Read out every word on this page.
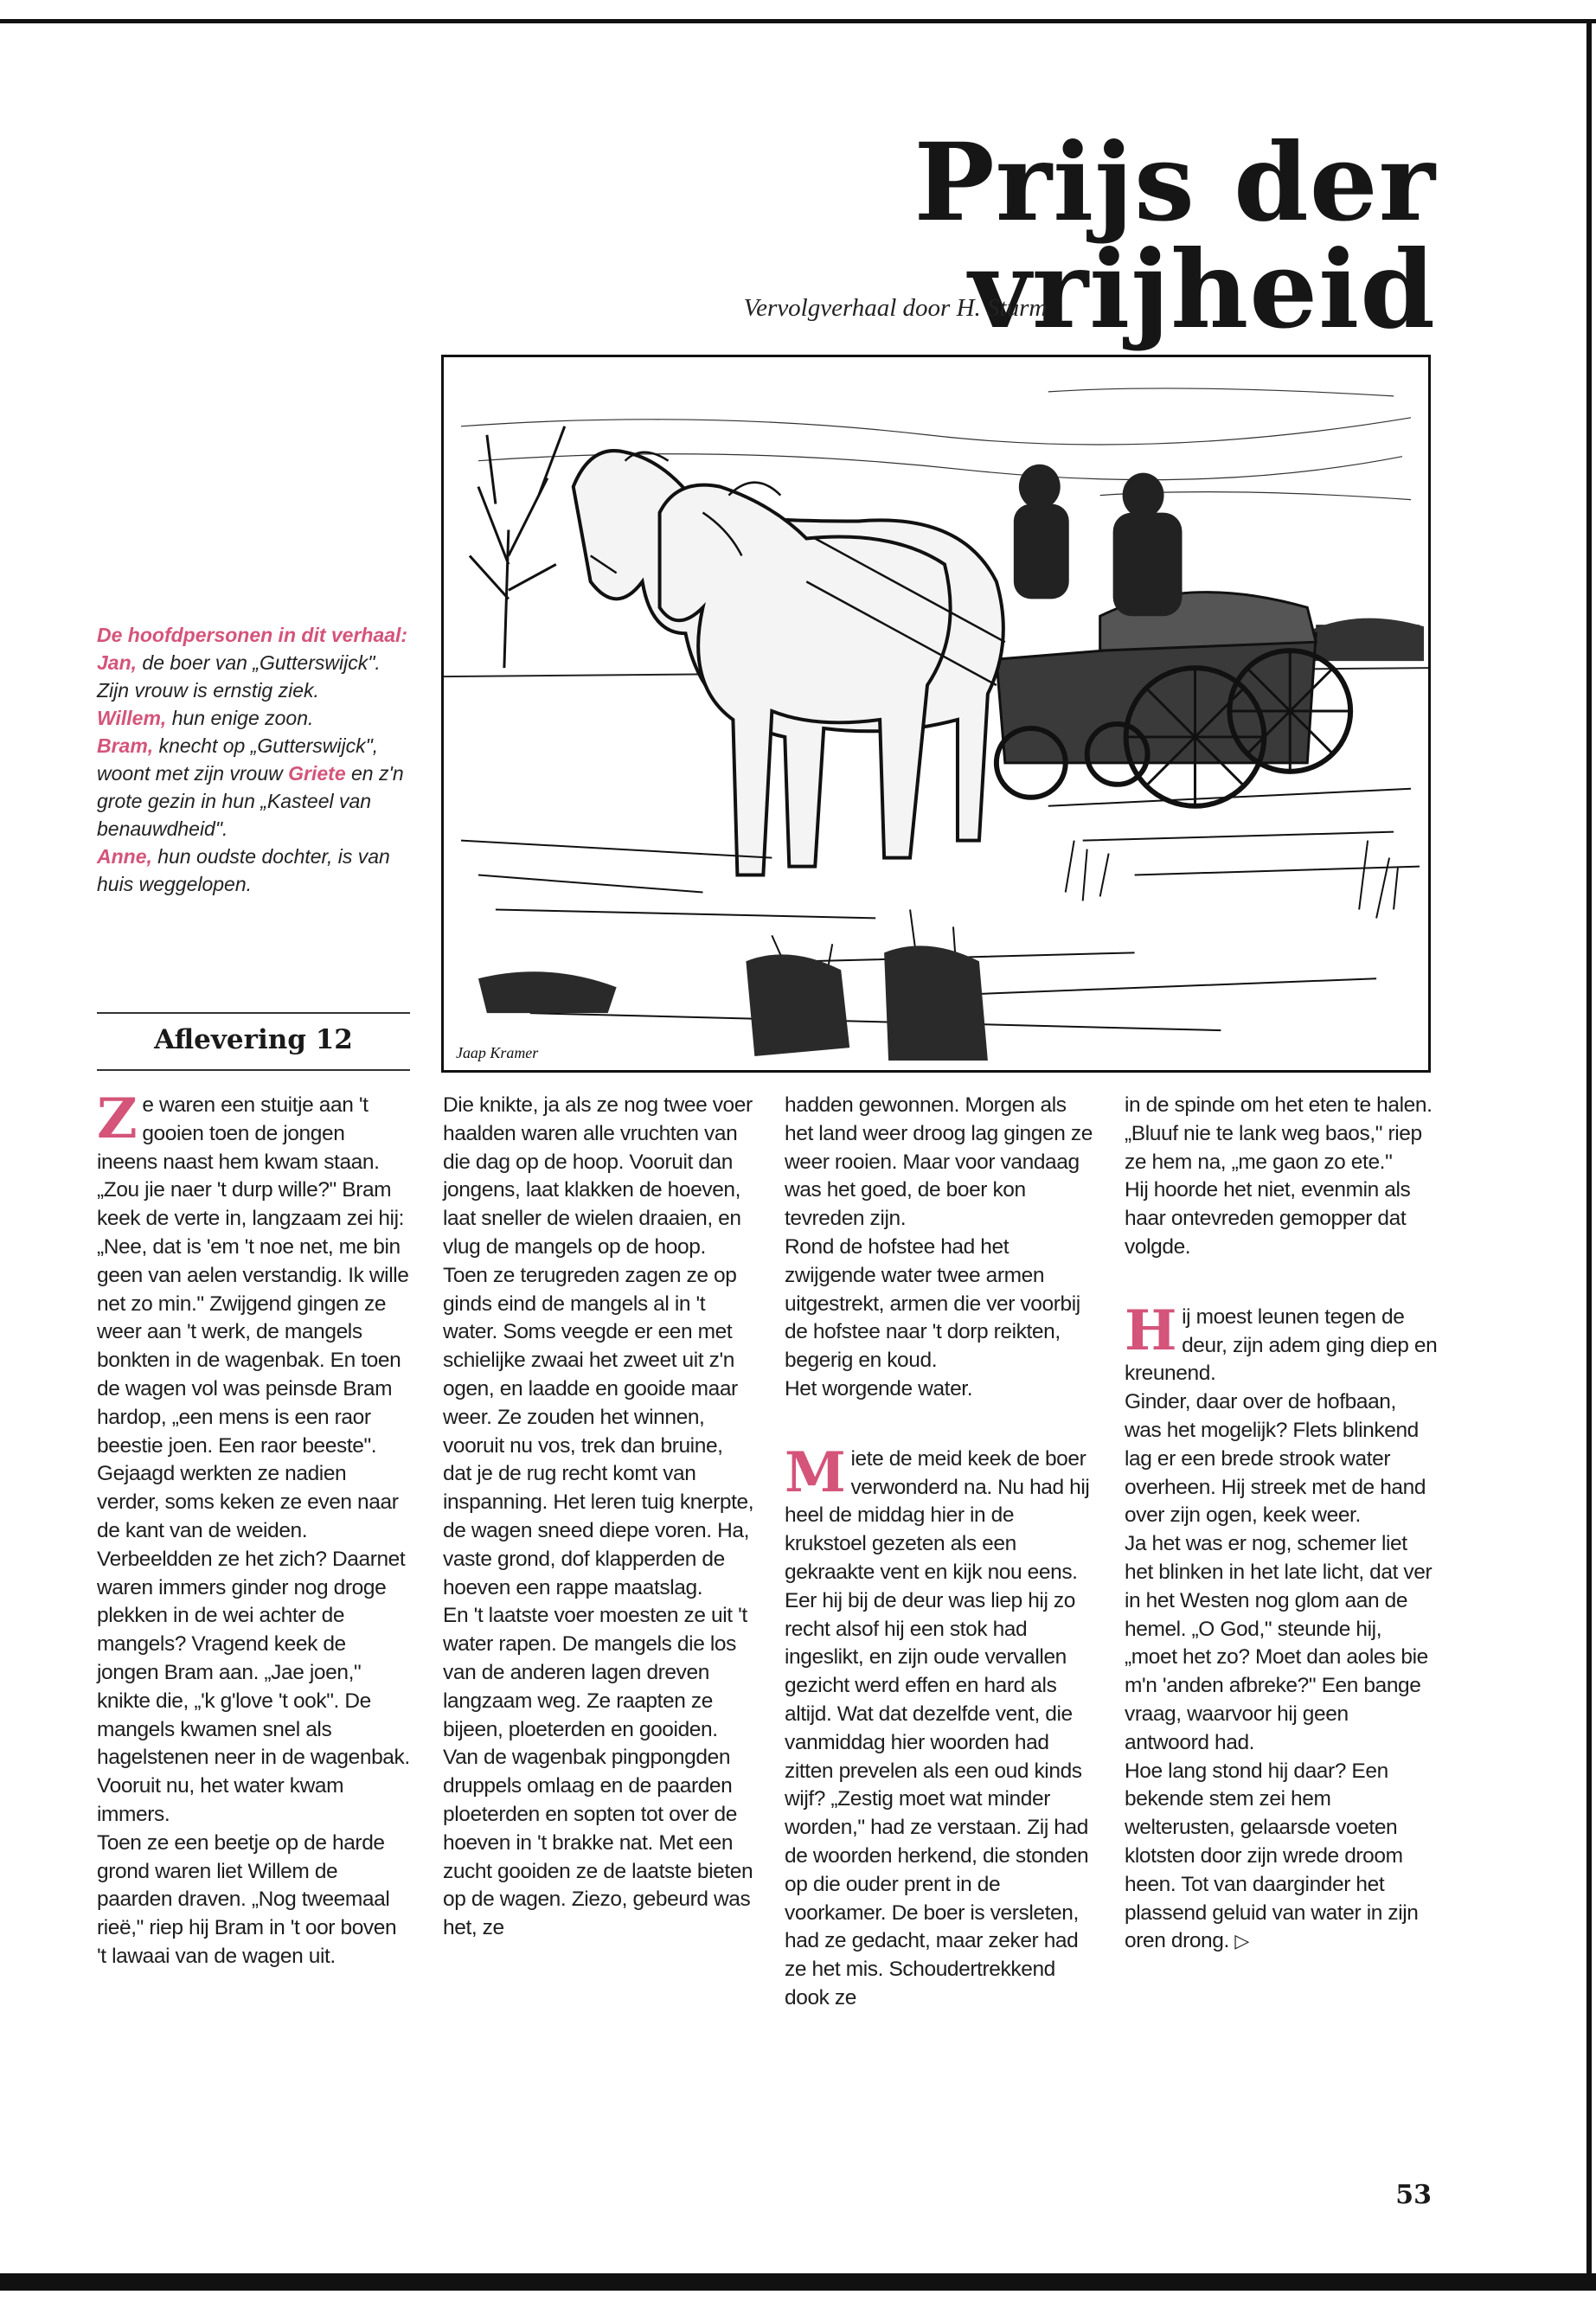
Prijs der vrijheid
Vervolgverhaal door H. Sturm
Jaap Kramer

De hoofdpersonen in dit verhaal:

Jan, de boer van „Gutterswijck". Zijn vrouw is ernstig ziek.

Willem, hun enige zoon.

Bram, knecht op „Gutterswijck", woont met zijn vrouw Griete en z'n grote gezin in hun „Kasteel van benauwdheid".

Anne, hun oudste dochter, is van huis weggelopen.

Aflevering 12

Ze waren een stuitje aan 't gooien toen de jongen ineens naast hem kwam staan. „Zou jie naer 't durp wille?" Bram keek de verte in, langzaam zei hij: „Nee, dat is 'em 't noe net, me bin geen van aelen verstandig. Ik wille net zo min." Zwijgend gingen ze weer aan 't werk, de mangels bonkten in de wagenbak. En toen de wagen vol was peinsde Bram hardop, „een mens is een raor beestie joen. Een raor beeste".

Gejaagd werkten ze nadien verder, soms keken ze even naar de kant van de weiden. Verbeeldden ze het zich? Daarnet waren immers ginder nog droge plekken in de wei achter de mangels? Vragend keek de jongen Bram aan. „Jae joen," knikte die, „'k g'love 't ook". De mangels kwamen snel als hagelstenen neer in de wagenbak. Vooruit nu, het water kwam immers.

Toen ze een beetje op de harde grond waren liet Willem de paarden draven. „Nog tweemaal rieë," riep hij Bram in 't oor boven 't lawaai van de wagen uit.

Die knikte, ja als ze nog twee voer haalden waren alle vruchten van die dag op de hoop. Vooruit dan jongens, laat klakken de hoeven, laat sneller de wielen draaien, en vlug de mangels op de hoop.

Toen ze terugreden zagen ze op ginds eind de mangels al in 't water. Soms veegde er een met schielijke zwaai het zweet uit z'n ogen, en laadde en gooide maar weer. Ze zouden het winnen, vooruit nu vos, trek dan bruine, dat je de rug recht komt van inspanning. Het leren tuig knerpte, de wagen sneed diepe voren. Ha, vaste grond, dof klapperden de hoeven een rappe maatslag.

En 't laatste voer moesten ze uit 't water rapen. De mangels die los van de anderen lagen dreven langzaam weg. Ze raapten ze bijeen, ploeterden en gooiden. Van de wagenbak pingpongden druppels omlaag en de paarden ploeterden en sopten tot over de hoeven in 't brakke nat. Met een zucht gooiden ze de laatste bieten op de wagen. Ziezo, gebeurd was het, ze

hadden gewonnen. Morgen als het land weer droog lag gingen ze weer rooien. Maar voor vandaag was het goed, de boer kon tevreden zijn.

Rond de hofstee had het zwijgende water twee armen uitgestrekt, armen die ver voorbij de hofstee naar 't dorp reikten, begerig en koud.

Het worgende water.

Miete de meid keek de boer verwonderd na. Nu had hij heel de middag hier in de krukstoel gezeten als een gekraakte vent en kijk nou eens. Eer hij bij de deur was liep hij zo recht alsof hij een stok had ingeslikt, en zijn oude vervallen gezicht werd effen en hard als altijd. Wat dat dezelfde vent, die vanmiddag hier woorden had zitten prevelen als een oud kinds wijf? „Zestig moet wat minder worden," had ze verstaan. Zij had de woorden herkend, die stonden op die ouder prent in de voorkamer. De boer is versleten, had ze gedacht, maar zeker had ze het mis. Schoudertrekkend dook ze

in de spinde om het eten te halen.

„Bluuf nie te lank weg baos," riep ze hem na, „me gaon zo ete."

Hij hoorde het niet, evenmin als haar ontevreden gemopper dat volgde.

Hij moest leunen tegen de deur, zijn adem ging diep en kreunend.

Ginder, daar over de hofbaan, was het mogelijk? Flets blinkend lag er een brede strook water overheen. Hij streek met de hand over zijn ogen, keek weer.

Ja het was er nog, schemer liet het blinken in het late licht, dat ver in het Westen nog glom aan de hemel. „O God," steunde hij, „moet het zo? Moet dan aoles bie m'n 'anden afbreke?" Een bange vraag, waarvoor hij geen antwoord had.

Hoe lang stond hij daar? Een bekende stem zei hem welterusten, gelaarsde voeten klotsten door zijn wrede droom heen. Tot van daarginder het plassend geluid van water in zijn oren drong. ▷

53
